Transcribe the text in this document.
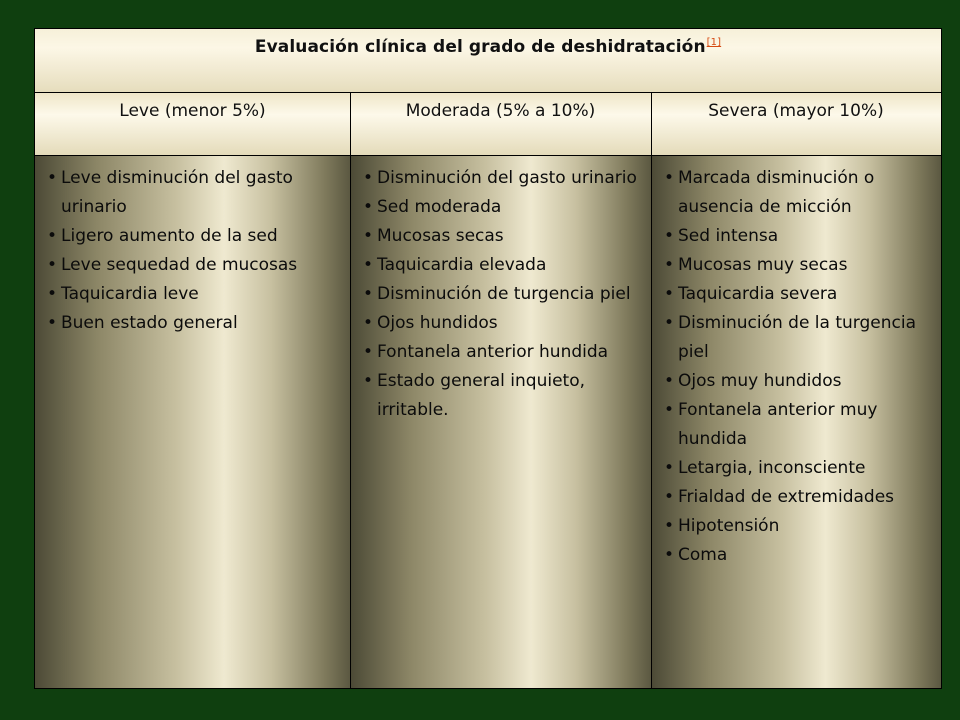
Evaluación clínica del grado de deshidratación[1]
Leve (menor 5%)	Moderada (5% a 10%)	Severa (mayor 10%)
• Leve disminución del gasto urinario
• Ligero aumento de la sed
• Leve sequedad de mucosas
• Taquicardia leve
• Buen estado general
• Disminución del gasto urinario
• Sed moderada
• Mucosas secas
• Taquicardia elevada
• Disminución de turgencia piel
• Ojos hundidos
• Fontanela anterior hundida
• Estado general inquieto, irritable.
• Marcada disminución o ausencia de micción
• Sed intensa
• Mucosas muy secas
• Taquicardia severa
• Disminución de la turgencia piel
• Ojos muy hundidos
• Fontanela anterior muy hundida
• Letargia, inconsciente
• Frialdad de extremidades
• Hipotensión
• Coma
